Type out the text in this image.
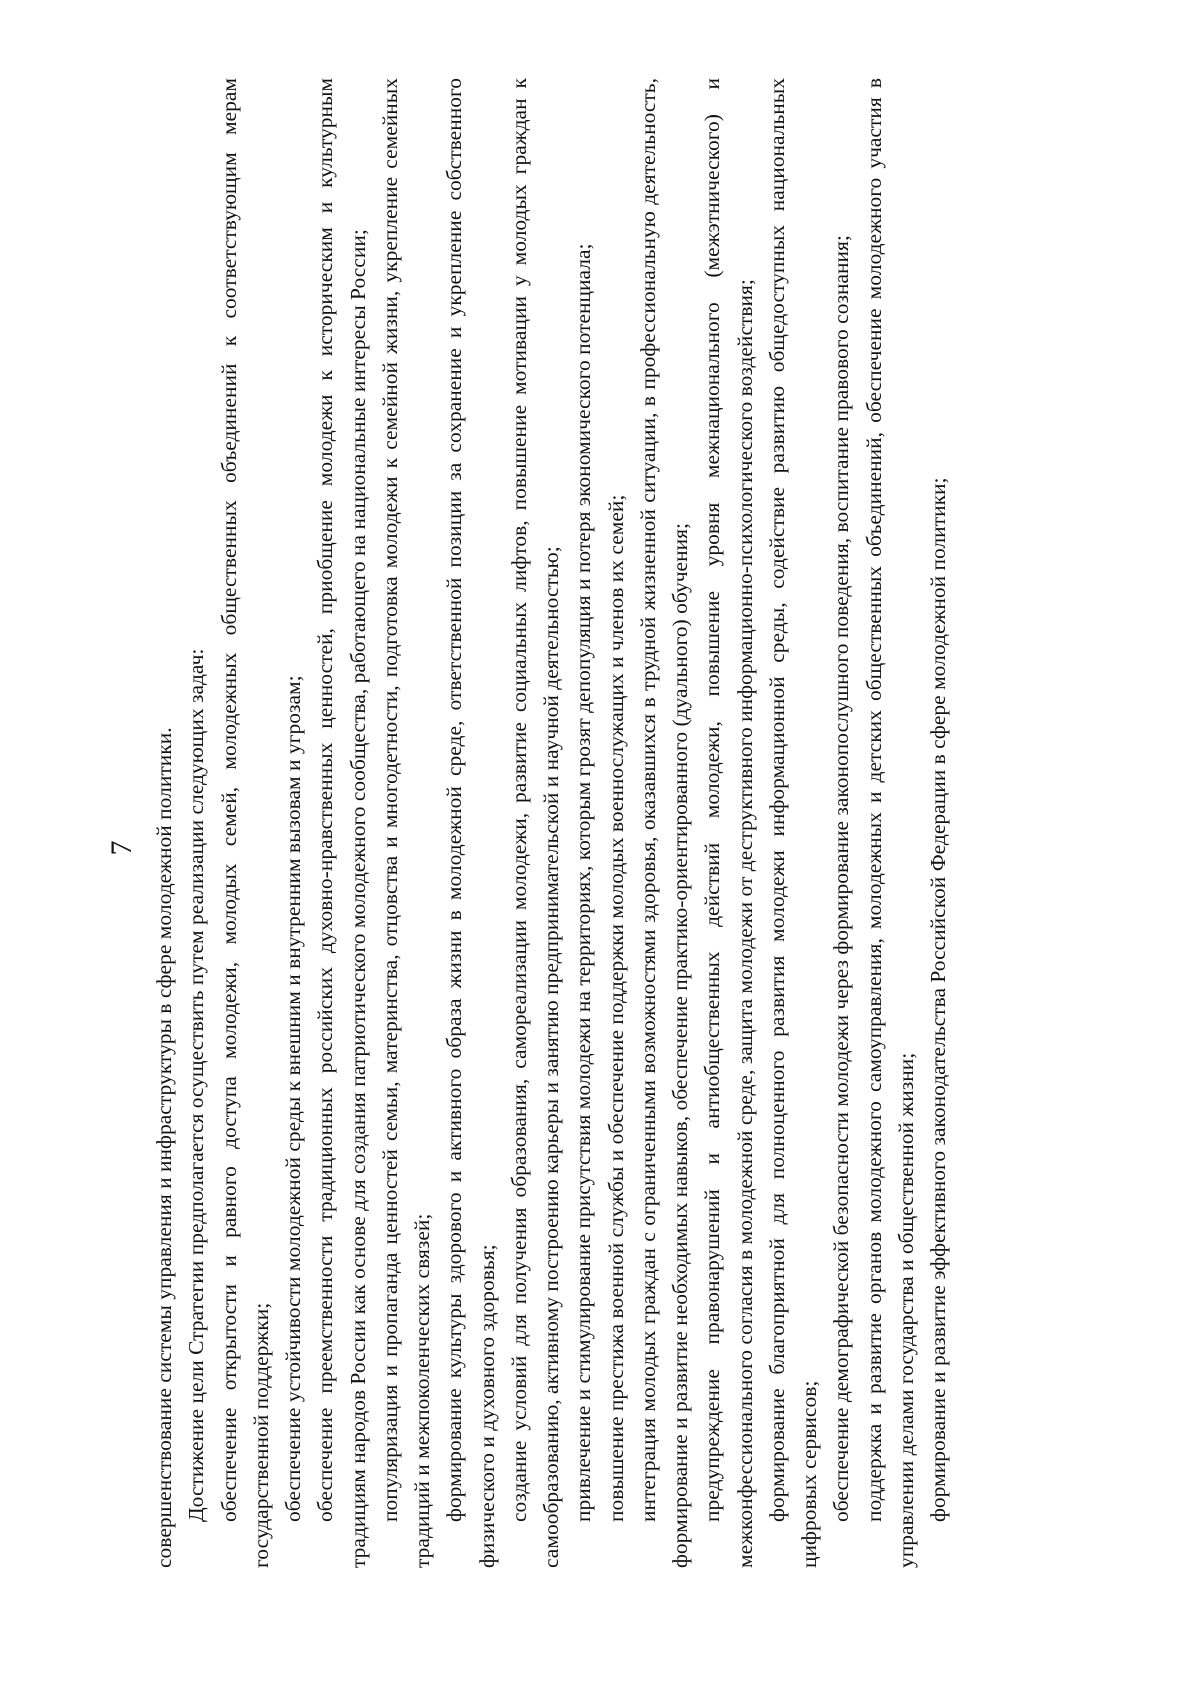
7 совершенствование системы управления и инфраструктуры в сфере молодежной политики. Достижение цели Стратегии предполагается осуществить путем реализации следующих задач: обеспечение открытости и равного доступа молодежи, молодых семей, молодежных общественных объединений к соответствующим мерам государственной поддержки; обеспечение устойчивости молодежной среды к внешним и внутренним вызовам и угрозам; обеспечение преемственности традиционных российских духовно-нравственных ценностей, приобщение молодежи к историческим и культурным традициям народов России как основе для создания патриотического молодежного сообщества, работающего на национальные интересы России; популяризация и пропаганда ценностей семьи, материнства, отцовства и многодетности, подготовка молодежи к семейной жизни, укрепление семейных традиций и межпоколенческих связей; формирование культуры здорового и активного образа жизни в молодежной среде, ответственной позиции за сохранение и укрепление собственного физического и духовного здоровья; создание условий для получения образования, самореализации молодежи, развитие социальных лифтов, повышение мотивации у молодых граждан к самообразованию, активному построению карьеры и занятию предпринимательской и научной деятельностью; привлечение и стимулирование присутствия молодежи на территориях, которым грозят депопуляция и потеря экономического потенциала; повышение престижа военной службы и обеспечение поддержки молодых военнослужащих и членов их семей; интеграция молодых граждан с ограниченными возможностями здоровья, оказавшихся в трудной жизненной ситуации, в профессиональную деятельность, формирование и развитие необходимых навыков, обеспечение практико-ориентированного (дуального) обучения; предупреждение правонарушений и антиобщественных действий молодежи, повышение уровня межнационального (межэтнического) и межконфессионального согласия в молодежной среде, защита молодежи от деструктивного информационно-психологического воздействия; формирование благоприятной для полноценного развития молодежи информационной среды, содействие развитию общедоступных национальных цифровых сервисов; обеспечение демографической безопасности молодежи через формирование законопослушного поведения, воспитание правового сознания; поддержка и развитие органов молодежного самоуправления, молодежных и детских общественных объединений, обеспечение молодежного участия в управлении делами государства и общественной жизни; формирование и развитие эффективного законодательства Российской Федерации в сфере молодежной политики;
